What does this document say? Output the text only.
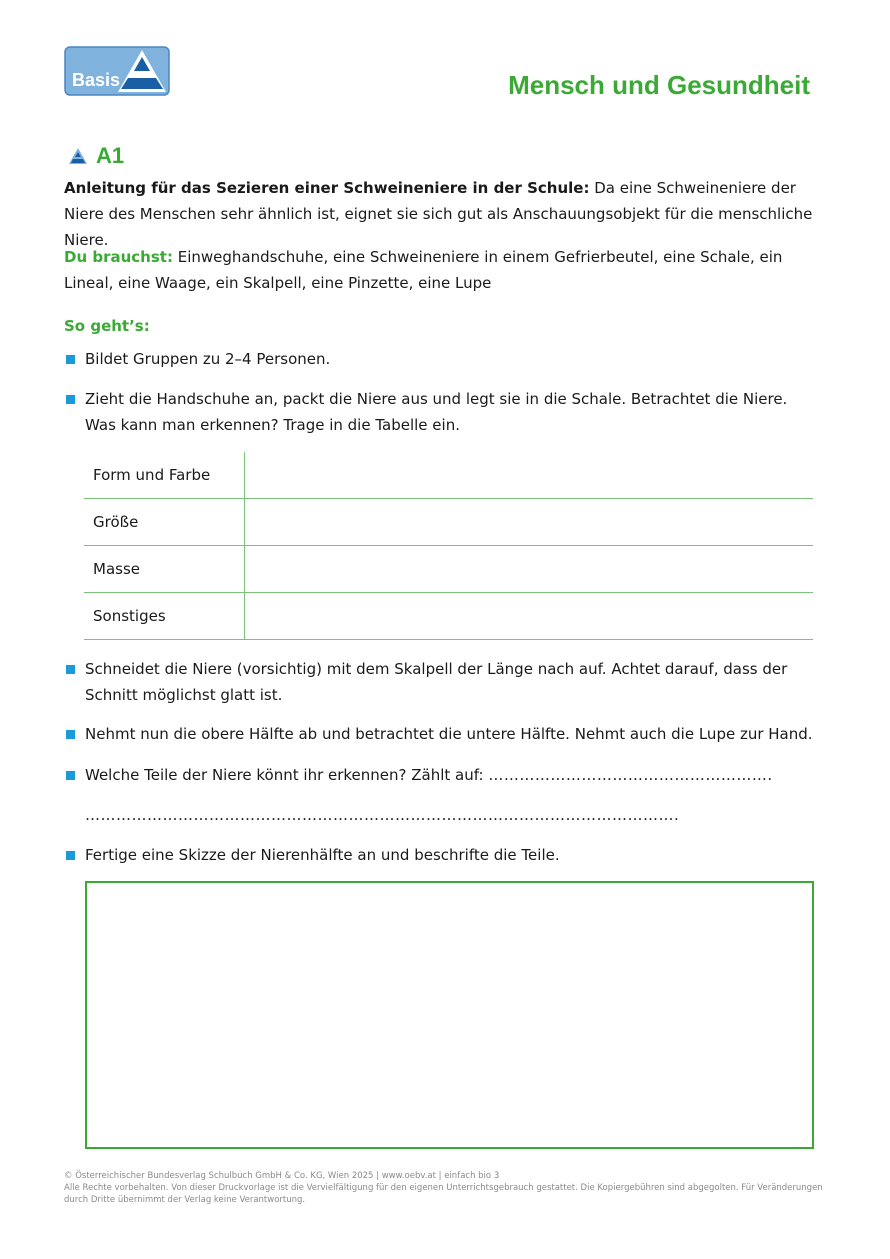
Basis	Mensch und Gesundheit
A1

Anleitung für das Sezieren einer Schweineniere in der Schule: Da eine Schweineniere der Niere des Menschen sehr ähnlich ist, eignet sie sich gut als Anschauungsobjekt für die menschliche Niere.

Du brauchst: Einweghandschuhe, eine Schweineniere in einem Gefrierbeutel, eine Schale, ein Lineal, eine Waage, ein Skalpell, eine Pinzette, eine Lupe

So geht’s:

Bildet Gruppen zu 2–4 Personen.
Zieht die Handschuhe an, packt die Niere aus und legt sie in die Schale. Betrachtet die Niere. Was kann man erkennen? Trage in die Tabelle ein.
Form und Farbe	
Größe	
Masse	
Sonstiges	
Schneidet die Niere (vorsichtig) mit dem Skalpell der Länge nach auf. Achtet darauf, dass der Schnitt möglichst glatt ist.
Nehmt nun die obere Hälfte ab und betrachtet die untere Hälfte. Nehmt auch die Lupe zur Hand.
Welche Teile der Niere könnt ihr erkennen? Zählt auf: ……………………………………………….
…………………………………………………………………………………………………….
Fertige eine Skizze der Nierenhälfte an und beschrifte die Teile.
© Österreichischer Bundesverlag Schulbuch GmbH & Co. KG, Wien 2025 | www.oebv.at | einfach bio 3
Alle Rechte vorbehalten. Von dieser Druckvorlage ist die Vervielfältigung für den eigenen Unterrichtsgebrauch gestattet. Die Kopiergebühren sind abgegolten. Für Veränderungen durch Dritte übernimmt der Verlag keine Verantwortung.
